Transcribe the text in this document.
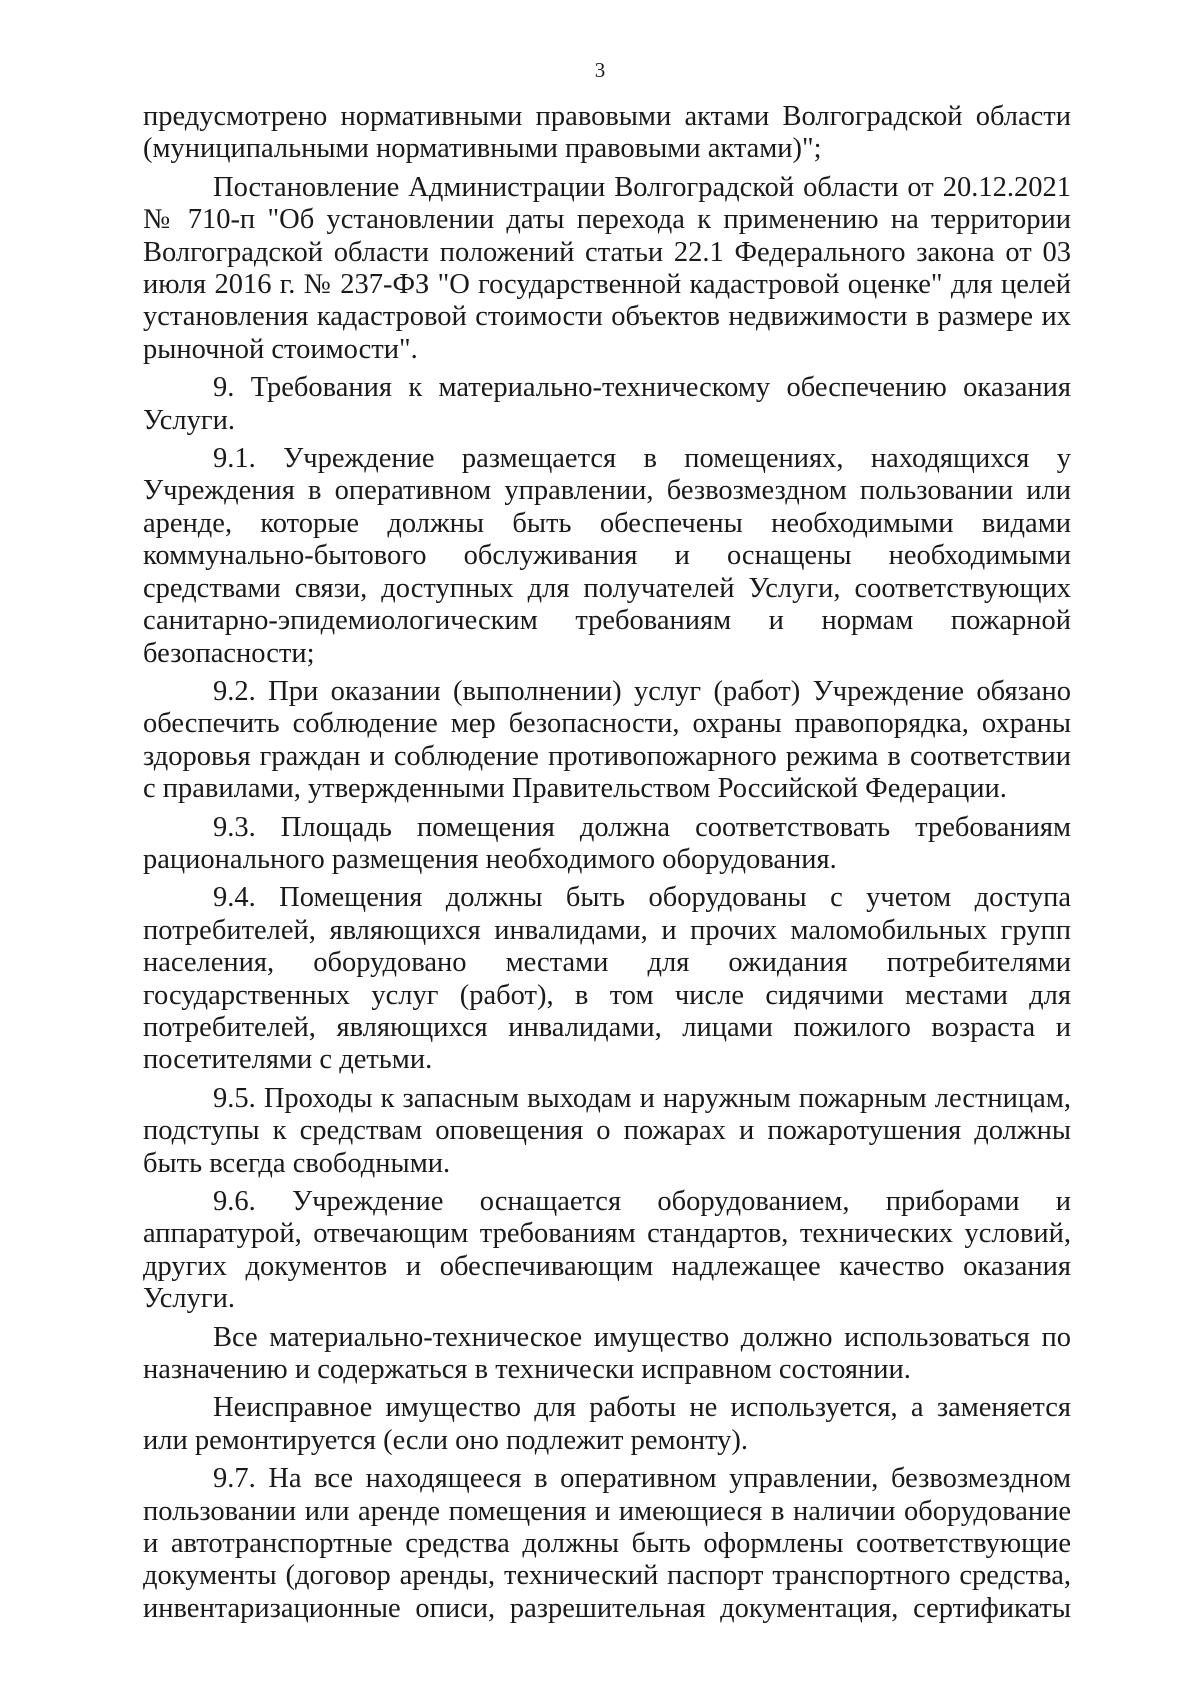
3

предусмотрено нормативными правовыми актами Волгоградской области (муниципальными нормативными правовыми актами)";

Постановление Администрации Волгоградской области от 20.12.2021 № 710-п "Об установлении даты перехода к применению на территории Волгоградской области положений статьи 22.1 Федерального закона от 03 июля 2016 г. № 237-ФЗ "О государственной кадастровой оценке" для целей установления кадастровой стоимости объектов недвижимости в размере их рыночной стоимости".

9. Требования к материально-техническому обеспечению оказания Услуги.

9.1. Учреждение размещается в помещениях, находящихся у Учреждения в оперативном управлении, безвозмездном пользовании или аренде, которые должны быть обеспечены необходимыми видами коммунально-бытового обслуживания и оснащены необходимыми средствами связи, доступных для получателей Услуги, соответствующих санитарно-эпидемиологическим требованиям и нормам пожарной безопасности;

9.2. При оказании (выполнении) услуг (работ) Учреждение обязано обеспечить соблюдение мер безопасности, охраны правопорядка, охраны здоровья граждан и соблюдение противопожарного режима в соответствии с правилами, утвержденными Правительством Российской Федерации.

9.3. Площадь помещения должна соответствовать требованиям рационального размещения необходимого оборудования.

9.4. Помещения должны быть оборудованы с учетом доступа потребителей, являющихся инвалидами, и прочих маломобильных групп населения, оборудовано местами для ожидания потребителями государственных услуг (работ), в том числе сидячими местами для потребителей, являющихся инвалидами, лицами пожилого возраста и посетителями с детьми.

9.5. Проходы к запасным выходам и наружным пожарным лестницам, подступы к средствам оповещения о пожарах и пожаротушения должны быть всегда свободными.

9.6. Учреждение оснащается оборудованием, приборами и аппаратурой, отвечающим требованиям стандартов, технических условий, других документов и обеспечивающим надлежащее качество оказания Услуги.

Все материально-техническое имущество должно использоваться по назначению и содержаться в технически исправном состоянии.

Неисправное имущество для работы не используется, а заменяется или ремонтируется (если оно подлежит ремонту).

9.7. На все находящееся в оперативном управлении, безвозмездном пользовании или аренде помещения и имеющиеся в наличии оборудование и автотранспортные средства должны быть оформлены соответствующие документы (договор аренды, технический паспорт транспортного средства, инвентаризационные описи, разрешительная документация, сертификаты
